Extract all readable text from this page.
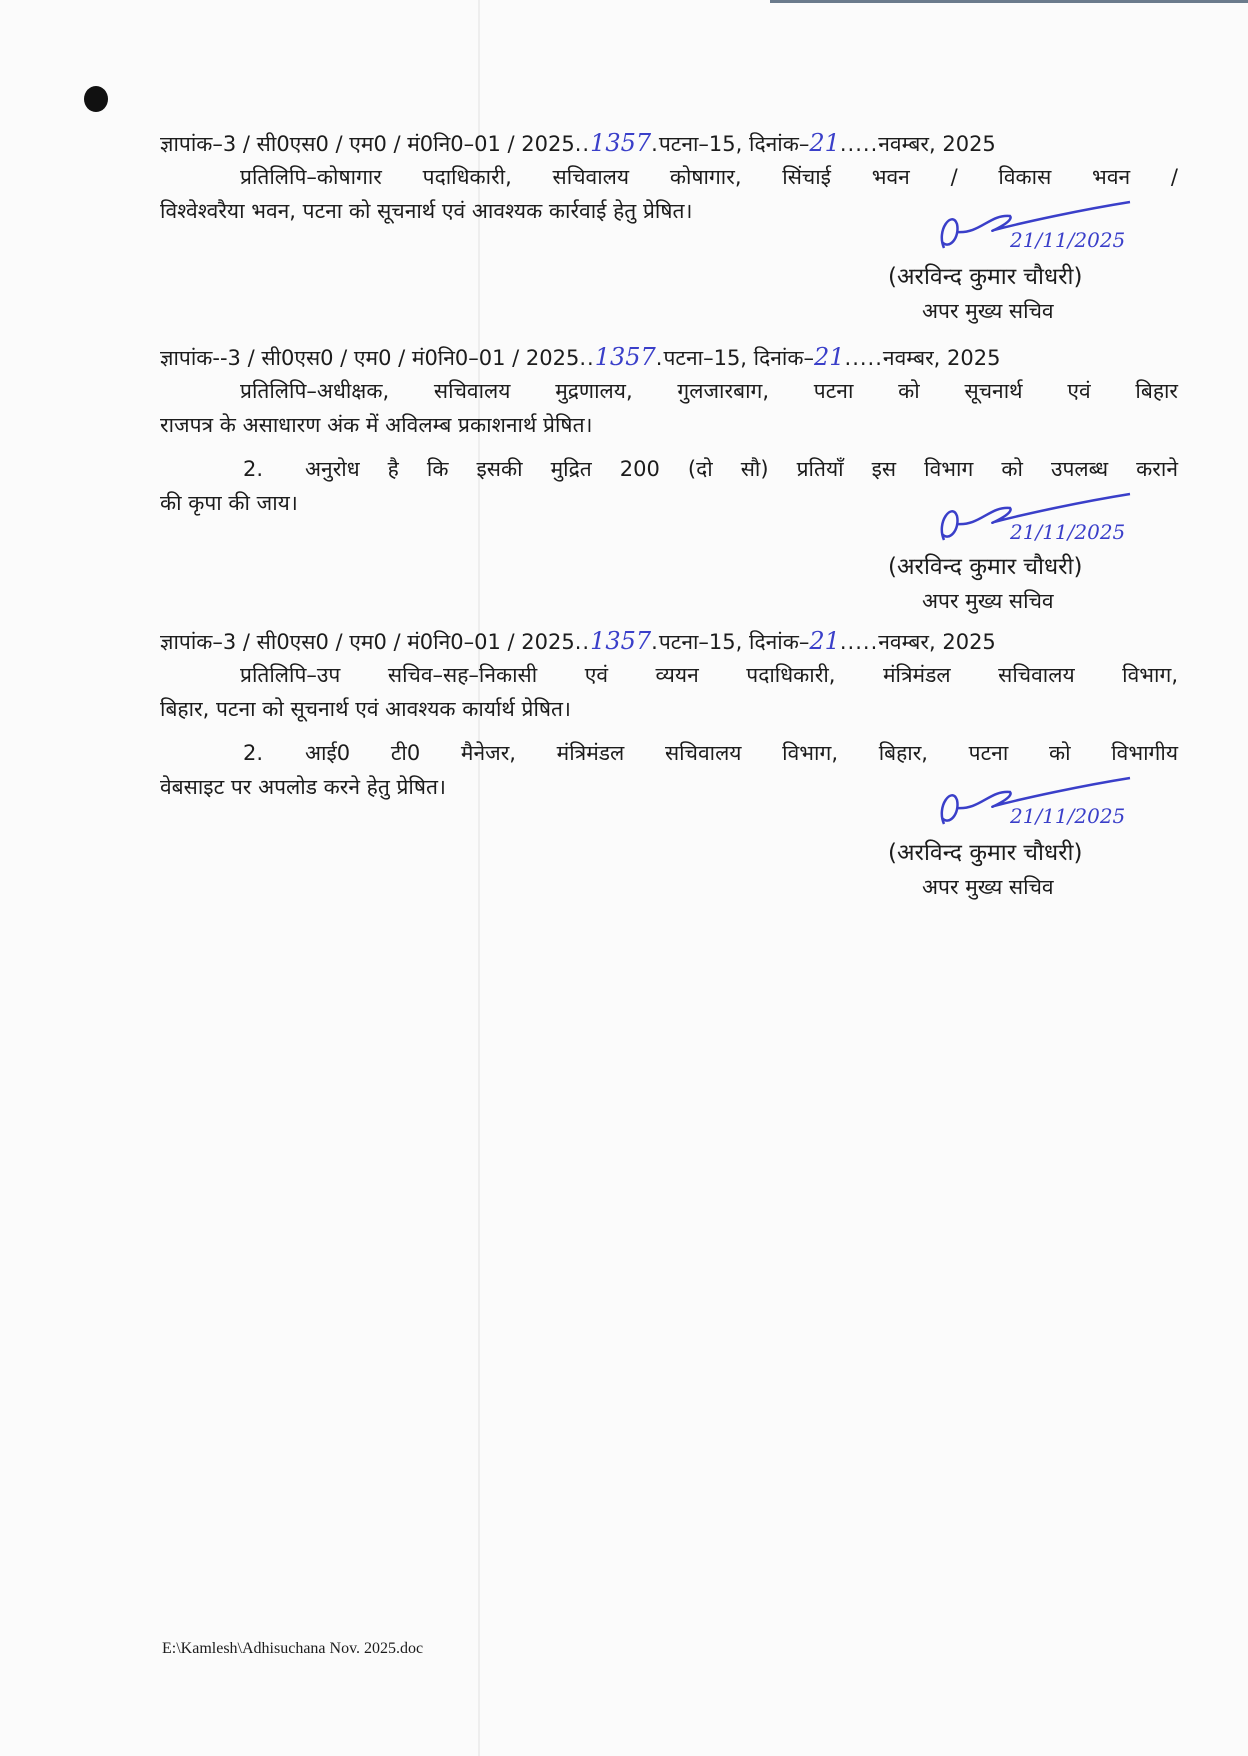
ज्ञापांक–3 / सी0एस0 / एम0 / मं0नि0–01 / 2025..1357.पटना–15, दिनांक–21.....नवम्बर, 2025
प्रतिलिपि–कोषागार पदाधिकारी, सचिवालय कोषागार, सिंचाई भवन / विकास भवन /
विश्वेश्वरैया भवन, पटना को सूचनार्थ एवं आवश्यक कार्रवाई हेतु प्रेषित।
21/11/2025
(अरविन्द कुमार चौधरी)
अपर मुख्य सचिव
ज्ञापांक--3 / सी0एस0 / एम0 / मं0नि0–01 / 2025..1357.पटना–15, दिनांक–21.....नवम्बर, 2025
प्रतिलिपि–अधीक्षक, सचिवालय मुद्रणालय, गुलजारबाग, पटना को सूचनार्थ एवं बिहार
राजपत्र के असाधारण अंक में अविलम्ब प्रकाशनार्थ प्रेषित।
2. अनुरोध है कि इसकी मुद्रित 200 (दो सौ) प्रतियाँ इस विभाग को उपलब्ध कराने
की कृपा की जाय।
21/11/2025
(अरविन्द कुमार चौधरी)
अपर मुख्य सचिव
ज्ञापांक–3 / सी0एस0 / एम0 / मं0नि0–01 / 2025..1357.पटना–15, दिनांक–21.....नवम्बर, 2025
प्रतिलिपि–उप सचिव–सह–निकासी एवं व्ययन पदाधिकारी, मंत्रिमंडल सचिवालय विभाग,
बिहार, पटना को सूचनार्थ एवं आवश्यक कार्यार्थ प्रेषित।
2. आई0 टी0 मैनेजर, मंत्रिमंडल सचिवालय विभाग, बिहार, पटना को विभागीय
वेबसाइट पर अपलोड करने हेतु प्रेषित।
21/11/2025
(अरविन्द कुमार चौधरी)
अपर मुख्य सचिव
E:\Kamlesh\Adhisuchana Nov. 2025.doc
